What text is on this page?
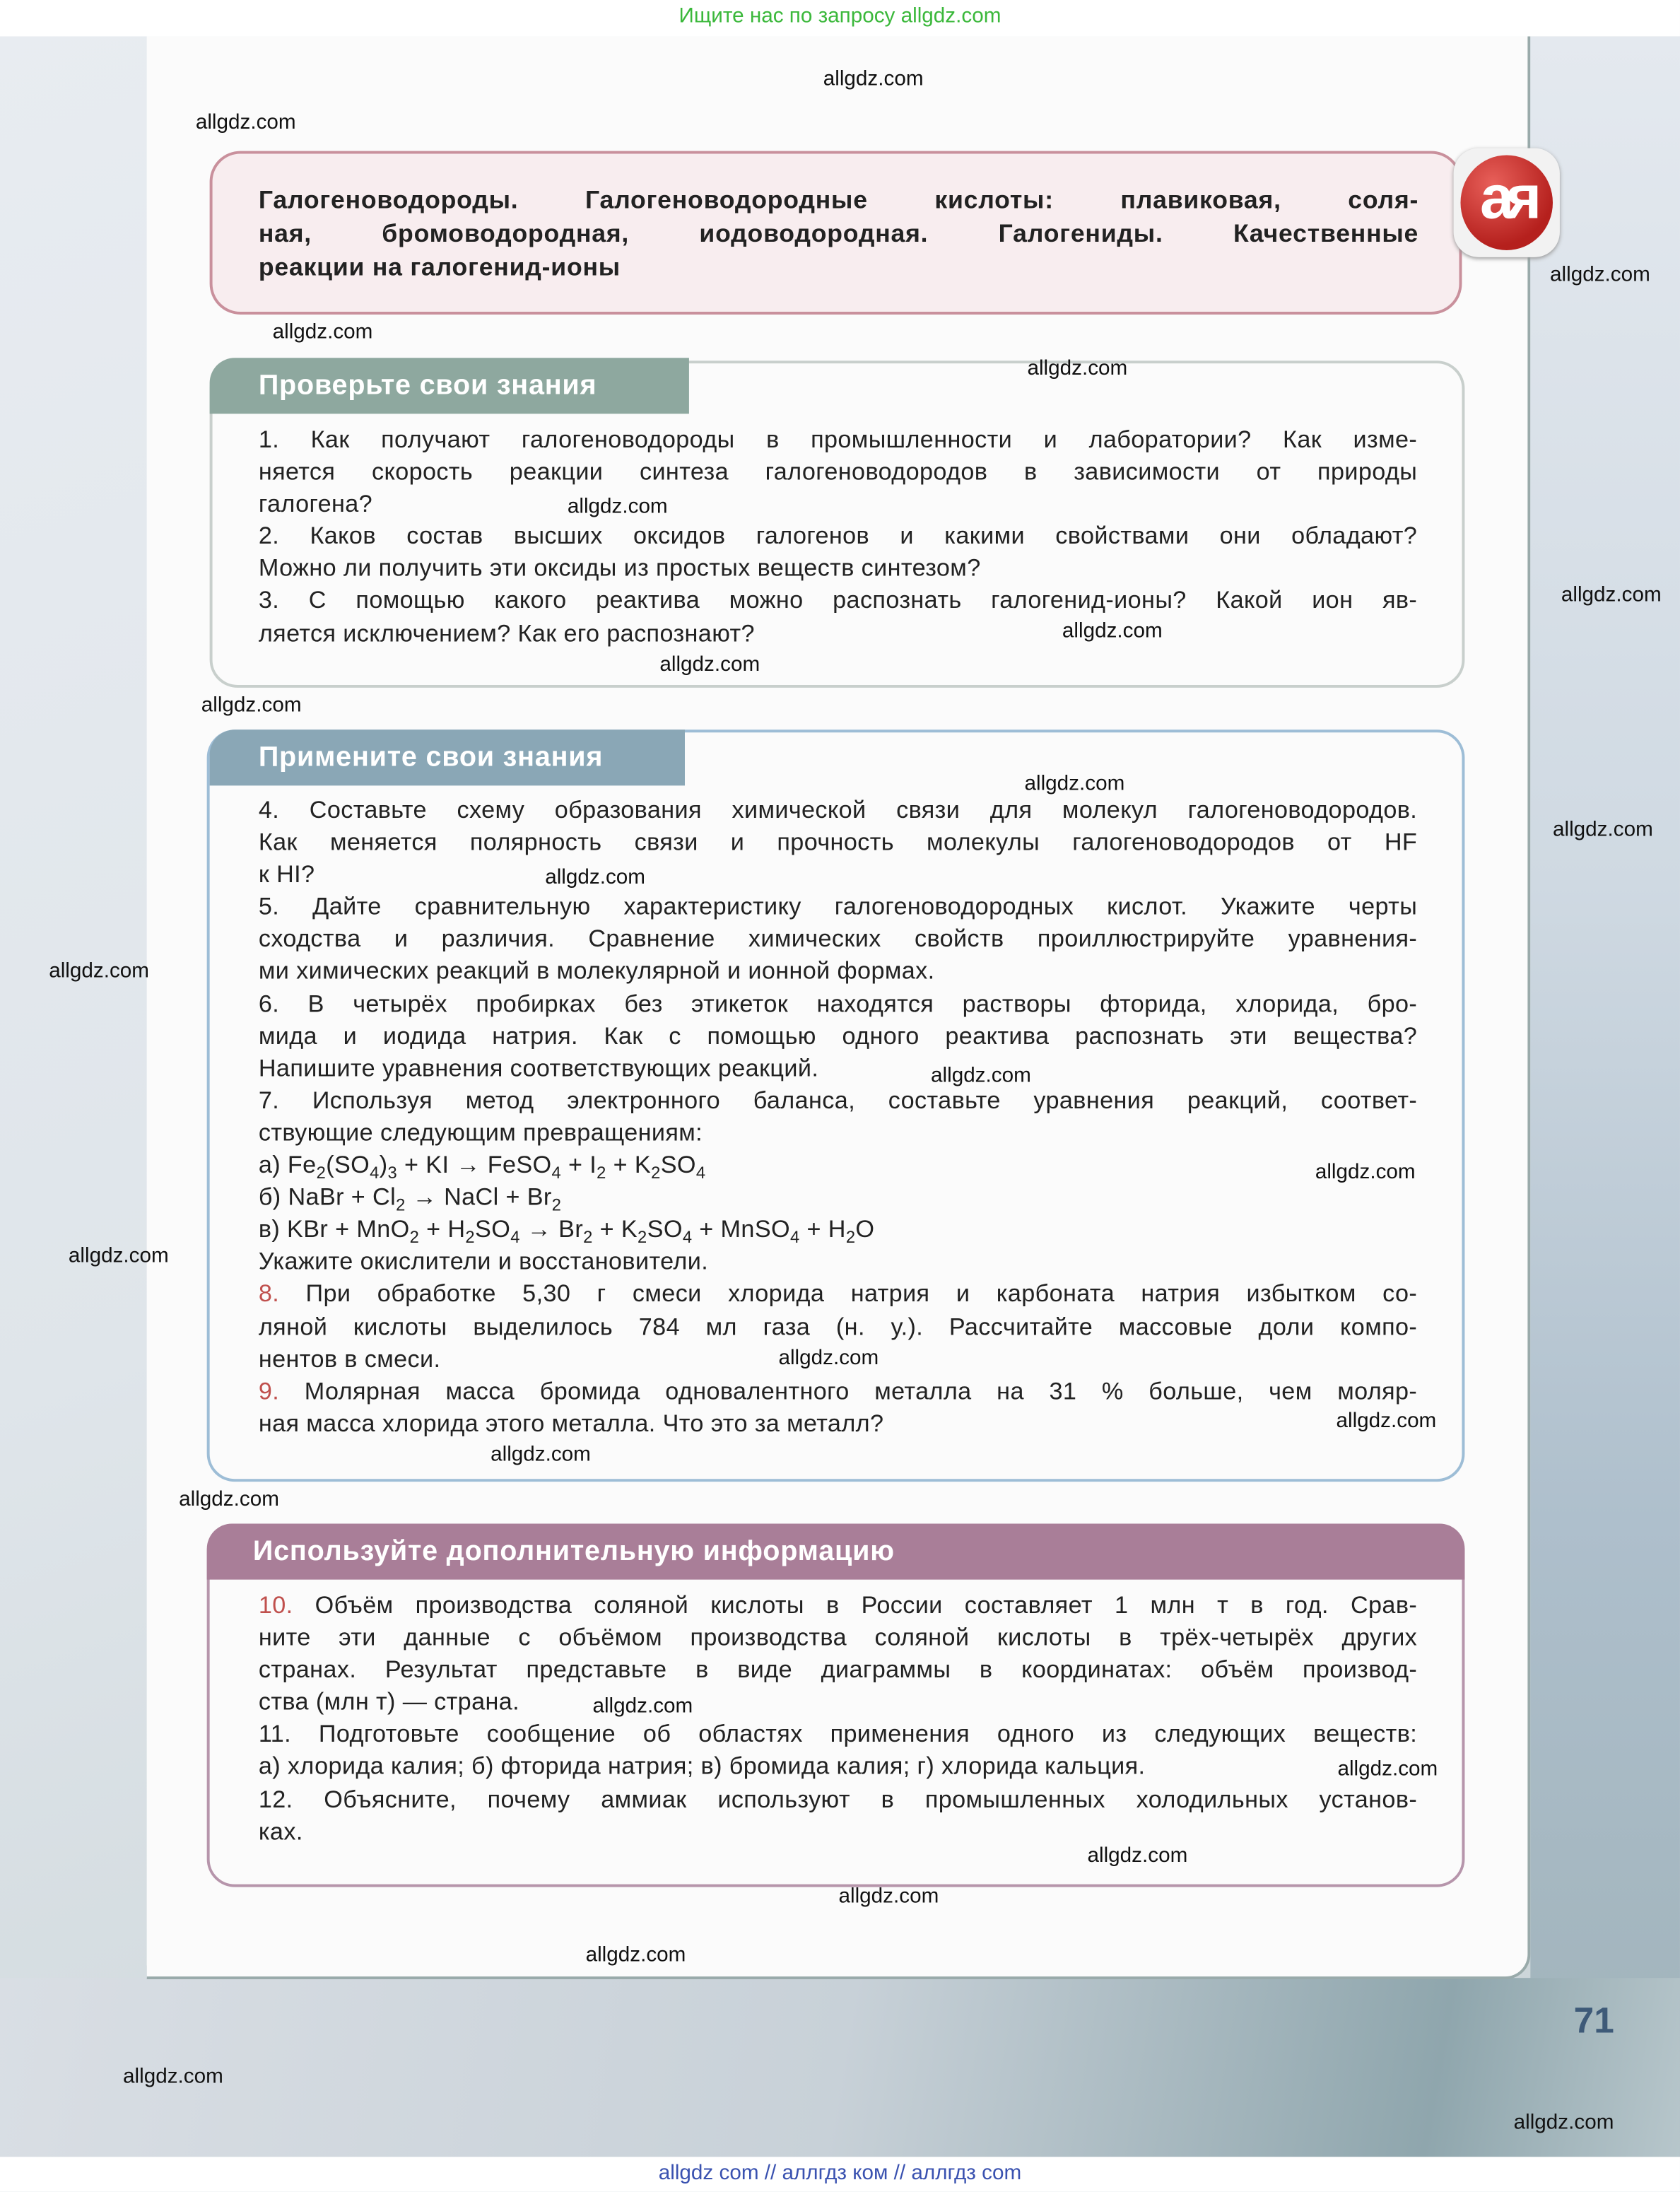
Ищите нас по запросу allgdz.com
Галогеноводороды. Галогеноводородные кислоты: плавиковая, соля-
ная, бромоводородная, иодоводородная. Галогениды. Качественные
реакции на галогенид-ионы
ая
Проверьте свои знания
1.	Как получают галогеноводороды в промышленности и лаборатории? Как изме-
няется скорость реакции синтеза галогеноводородов в зависимости от природы
галогена?
2.	Каков состав высших оксидов галогенов и какими свойствами они обладают?
Можно ли получить эти оксиды из простых веществ синтезом?
3. С помощью какого реактива можно распознать галогенид-ионы? Какой ион яв-
ляется исключением? Как его распознают?
Примените свои знания
4. Составьте схему образования химической связи для молекул галогеноводородов.
Как меняется полярность связи и прочность молекулы галогеноводородов от HF
к HI?
5.	Дайте сравнительную характеристику галогеноводородных кислот. Укажите черты
сходства и различия. Сравнение химических свойств проиллюстрируйте уравнения-
ми химических реакций в молекулярной и ионной формах.
6. В четырёх пробирках без этикеток находятся растворы фторида, хлорида, бро-
мида и иодида натрия. Как с помощью одного реактива распознать эти вещества?
Напишите уравнения соответствующих реакций.
7.	Используя метод электронного баланса, составьте уравнения реакций, соответ-
ствующие следующим превращениям:
а) $Fe_2(SO_4)_3$ + KI → FeSO$_4$ + $I_2 + K_2SO_4$
б) NaBr + $Cl_2$ → NaCl + $Br_2$
в) KBr + $MnO_2 + H_2SO_4 \to Br_2 + K_2SO_4$ + MnSO$_4$ + $H_2O$
Укажите окислители и восстановители.
8. При обработке 5,30 г смеси хлорида натрия и карбоната натрия избытком со-
ляной кислоты выделилось 784 мл газа (н. у.). Рассчитайте массовые доли компо-
нентов в смеси.
9. Молярная масса бромида одновалентного металла на 31 % больше, чем моляр-
ная масса хлорида этого металла. Что это за металл?
Используйте дополнительную информацию
10. Объём производства соляной кислоты в России составляет 1 млн т в год. Срав-
ните эти данные с объёмом производства соляной кислоты в трёх-четырёх других
странах. Результат представьте в виде диаграммы в координатах: объём производ-
ства (млн т) — страна.
11. Подготовьте сообщение об областях применения одного из следующих веществ:
а) хлорида калия; б) фторида натрия; в) бромида калия; г) хлорида кальция.
12.	Объясните, почему аммиак используют в промышленных холодильных установ-
ках.
71
allgdz com // аллгдз ком // аллгдз com
allgdz.com
allgdz.com
allgdz.com
allgdz.com
allgdz.com
allgdz.com
allgdz.com
allgdz.com
allgdz.com
allgdz.com
allgdz.com
allgdz.com
allgdz.com
allgdz.com
allgdz.com
allgdz.com
allgdz.com
allgdz.com
allgdz.com
allgdz.com
allgdz.com
allgdz.com
allgdz.com
allgdz.com
allgdz.com
allgdz.com
allgdz.com
allgdz.com
